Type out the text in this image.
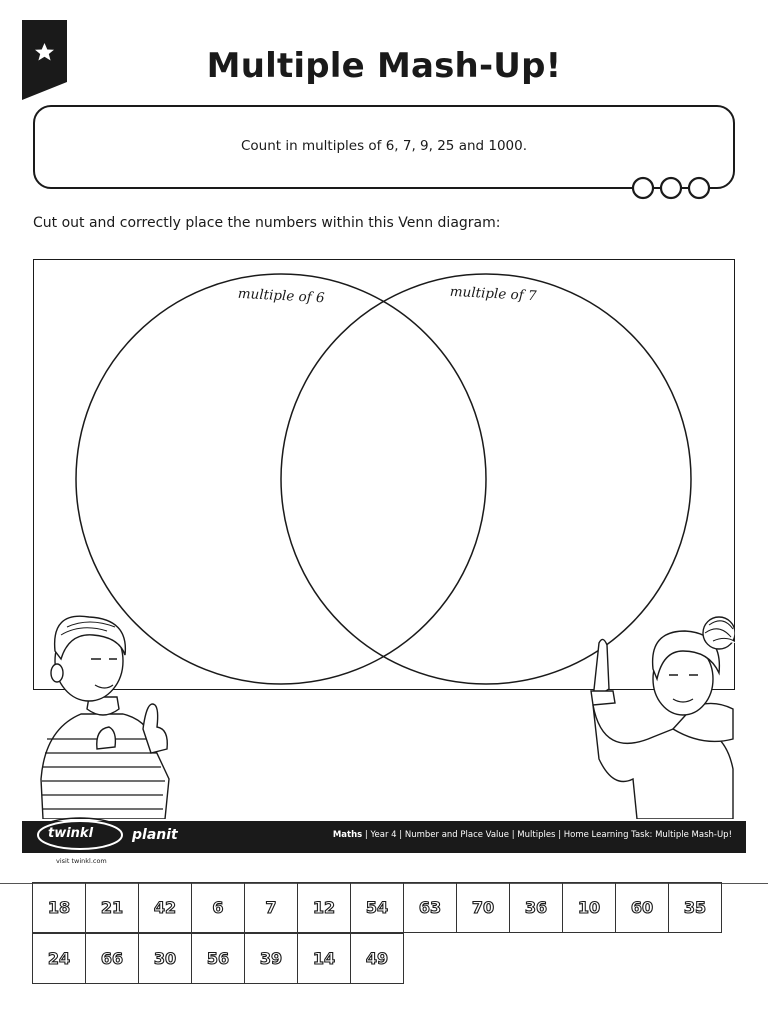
Multiple Mash-Up!
Count in multiples of 6, 7, 9, 25 and 1000.
Cut out and correctly place the numbers within this Venn diagram:
multiple of 6	multiple of 7
planit	Maths | Year 4 | Number and Place Value | Multiples | Home Learning Task: Multiple Mash-Up!
twinkl
visit twinkl.com
18	21	42	6	7	12	54	63	70	36	10	60	35
24	66	30	56	39	14	49
